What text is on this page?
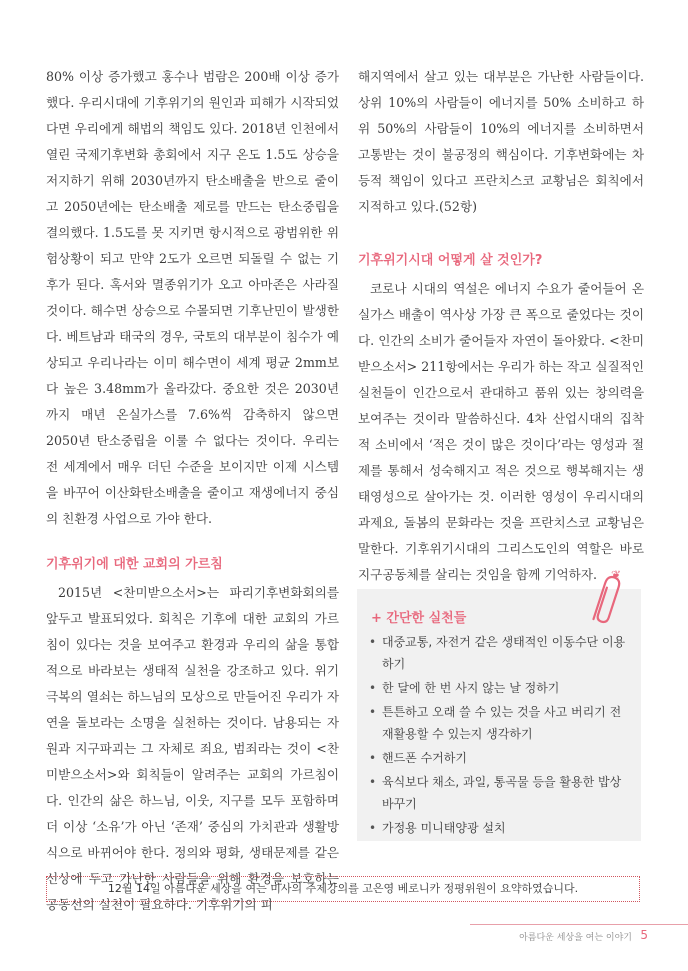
80% 이상 증가했고 홍수나 범람은 200배 이상 증가했다. 우리시대에 기후위기의 원인과 피해가 시작되었다면 우리에게 해법의 책임도 있다. 2018년 인천에서 열린 국제기후변화 총회에서 지구 온도 1.5도 상승을 저지하기 위해 2030년까지 탄소배출을 반으로 줄이고 2050년에는 탄소배출 제로를 만드는 탄소중립을 결의했다. 1.5도를 못 지키면 항시적으로 광범위한 위험상황이 되고 만약 2도가 오르면 되돌릴 수 없는 기후가 된다. 혹서와 멸종위기가 오고 아마존은 사라질 것이다. 해수면 상승으로 수몰되면 기후난민이 발생한다. 베트남과 태국의 경우, 국토의 대부분이 침수가 예상되고 우리나라는 이미 해수면이 세계 평균 2mm보다 높은 3.48mm가 올라갔다. 중요한 것은 2030년까지 매년 온실가스를 7.6%씩 감축하지 않으면 2050년 탄소중립을 이룰 수 없다는 것이다. 우리는 전 세계에서 매우 더딘 수준을 보이지만 이제 시스템을 바꾸어 이산화탄소배출을 줄이고 재생에너지 중심의 친환경 사업으로 가야 한다.

기후위기에 대한 교회의 가르침

2015년 <찬미받으소서>는 파리기후변화회의를 앞두고 발표되었다. 회칙은 기후에 대한 교회의 가르침이 있다는 것을 보여주고 환경과 우리의 삶을 통합적으로 바라보는 생태적 실천을 강조하고 있다. 위기극복의 열쇠는 하느님의 모상으로 만들어진 우리가 자연을 돌보라는 소명을 실천하는 것이다. 남용되는 자원과 지구파괴는 그 자체로 죄요, 범죄라는 것이 <찬미받으소서>와 회칙들이 알려주는 교회의 가르침이다. 인간의 삶은 하느님, 이웃, 지구를 모두 포함하며 더 이상 ‘소유’가 아닌 ‘존재’ 중심의 가치관과 생활방식으로 바뀌어야 한다. 정의와 평화, 생태문제를 같은 선상에 두고 가난한 사람들을 위해 환경을 보호하는 공동선의 실천이 필요하다. 기후위기의 피

해지역에서 살고 있는 대부분은 가난한 사람들이다. 상위 10%의 사람들이 에너지를 50% 소비하고 하위 50%의 사람들이 10%의 에너지를 소비하면서 고통받는 것이 불공정의 핵심이다. 기후변화에는 차등적 책임이 있다고 프란치스코 교황님은 회칙에서 지적하고 있다.(52항)

기후위기시대 어떻게 살 것인가?

코로나 시대의 역설은 에너지 수요가 줄어들어 온실가스 배출이 역사상 가장 큰 폭으로 줄었다는 것이다. 인간의 소비가 줄어들자 자연이 돌아왔다. <찬미받으소서> 211항에서는 우리가 하는 작고 실질적인 실천들이 인간으로서 관대하고 품위 있는 창의력을 보여주는 것이라 말씀하신다. 4차 산업시대의 집착적 소비에서 ‘적은 것이 많은 것이다’라는 영성과 절제를 통해서 성숙해지고 적은 것으로 행복해지는 생태영성으로 살아가는 것. 이러한 영성이 우리시대의 과제요, 돌봄의 문화라는 것을 프란치스코 교황님은 말한다. 기후위기시대의 그리스도인의 역할은 바로 지구공동체를 살리는 것임을 함께 기억하자. ❦

+ 간단한 실천들
• 대중교통, 자전거 같은 생태적인 이동수단 이용하기
• 한 달에 한 번 사지 않는 날 정하기
• 튼튼하고 오래 쓸 수 있는 것을 사고 버리기 전 재활용할 수 있는지 생각하기
• 핸드폰 수거하기
• 육식보다 채소, 과일, 통곡물 등을 활용한 밥상 바꾸기
• 가정용 미니태양광 설치
12월 14일 아름다운 세상을 여는 미사의 주제강의를 고은영 베로니카 정평위원이 요약하였습니다.
아름다운 세상을 여는 이야기 5
